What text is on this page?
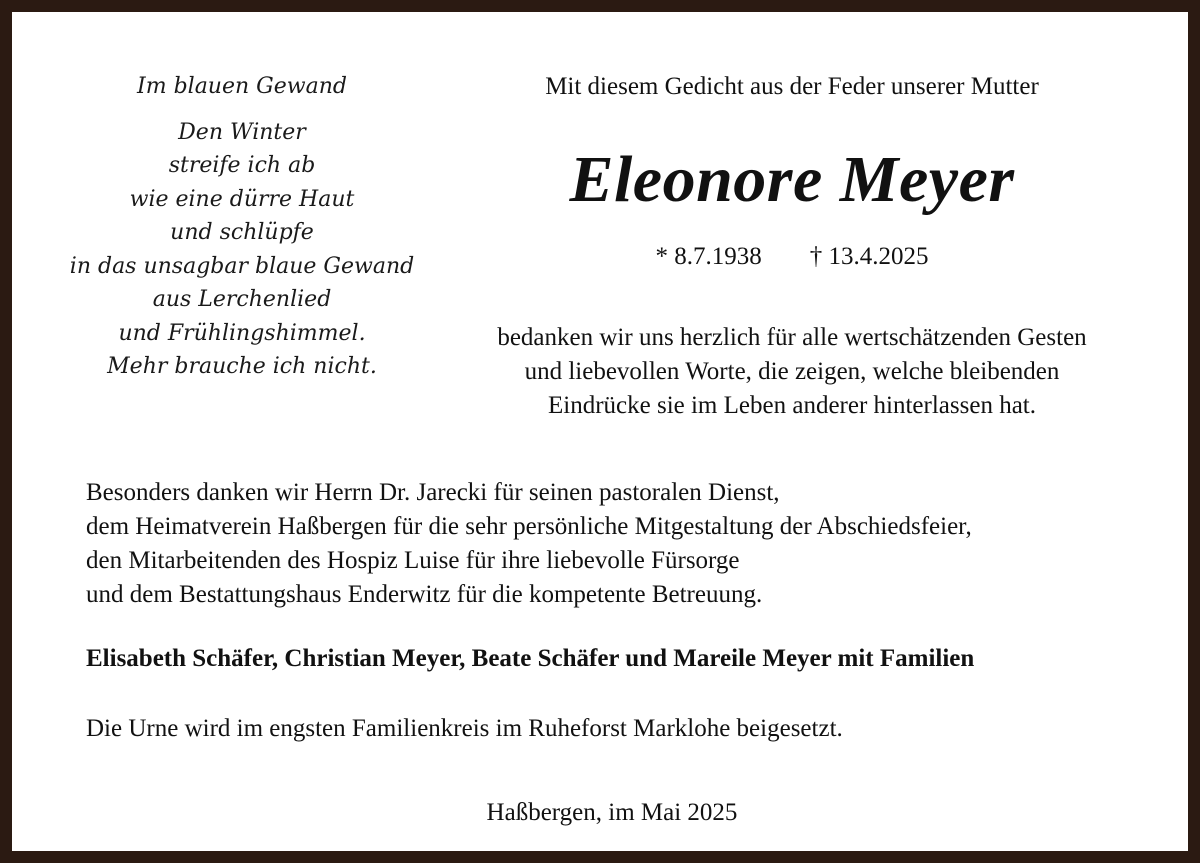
Im blauen Gewand
Den Winter
streife ich ab
wie eine dürre Haut
und schlüpfe
in das unsagbar blaue Gewand
aus Lerchenlied
und Frühlingshimmel.
Mehr brauche ich nicht.
Mit diesem Gedicht aus der Feder unserer Mutter
Eleonore Meyer
* 8.7.1938 † 13.4.2025
bedanken wir uns herzlich für alle wertschätzenden Gesten
und liebevollen Worte, die zeigen, welche bleibenden
Eindrücke sie im Leben anderer hinterlassen hat.
Besonders danken wir Herrn Dr. Jarecki für seinen pastoralen Dienst,
dem Heimatverein Haßbergen für die sehr persönliche Mitgestaltung der Abschiedsfeier,
den Mitarbeitenden des Hospiz Luise für ihre liebevolle Fürsorge
und dem Bestattungshaus Enderwitz für die kompetente Betreuung.
Elisabeth Schäfer, Christian Meyer, Beate Schäfer und Mareile Meyer mit Familien
Die Urne wird im engsten Familienkreis im Ruheforst Marklohe beigesetzt.
Haßbergen, im Mai 2025
